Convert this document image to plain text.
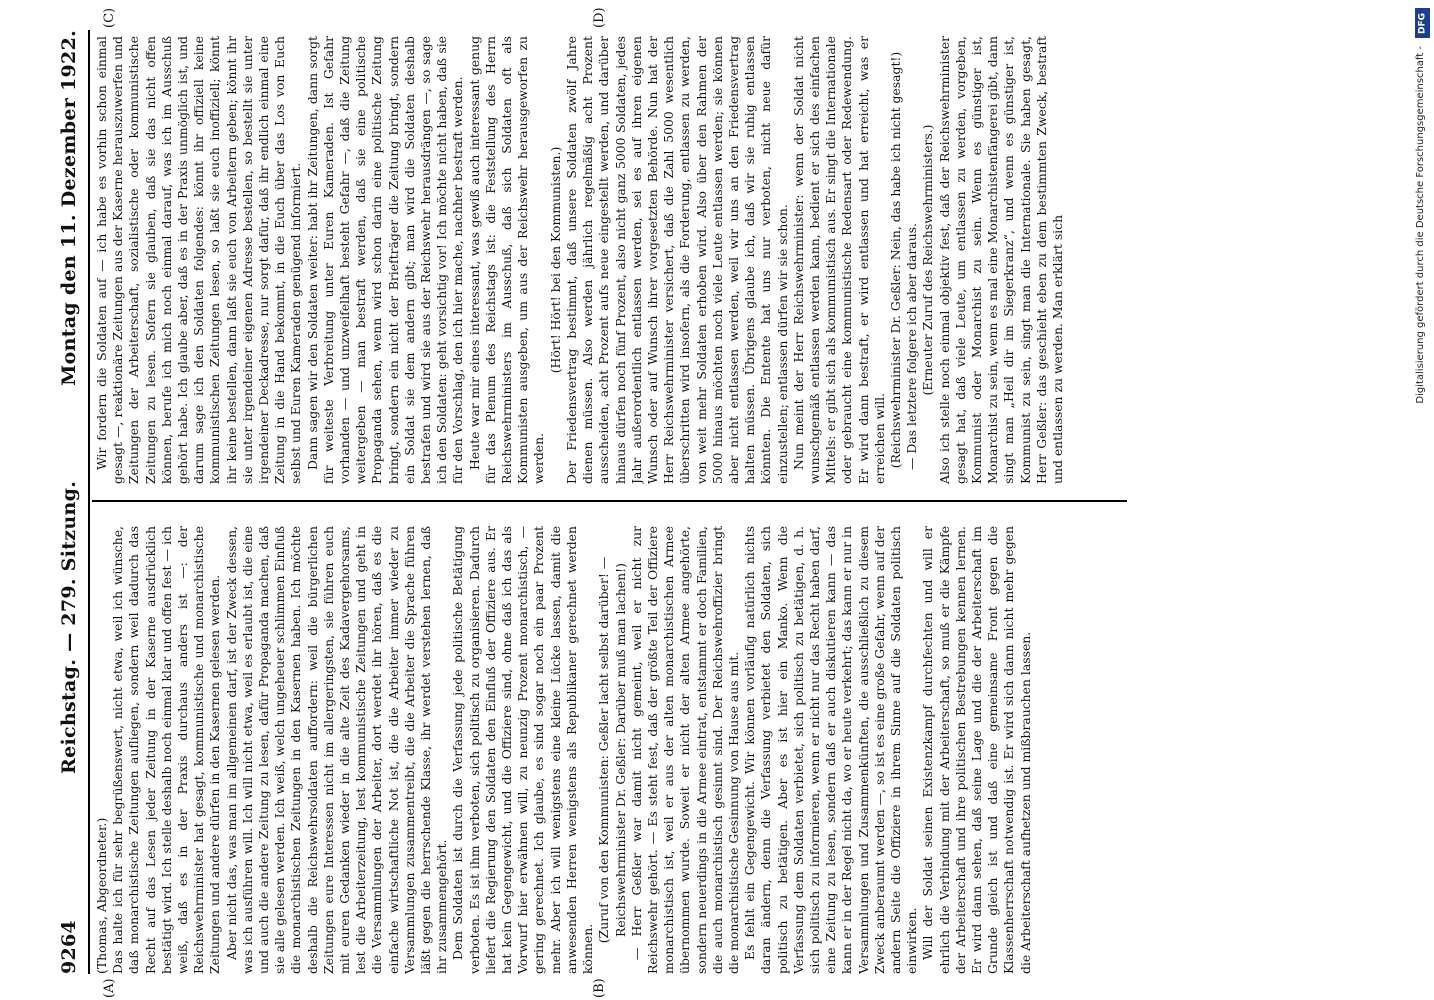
9264
Reichstag. — 279. Sitzung.
Montag den 11. Dezember 1922.

(Thomas, Abgeordneter.) Das halte ich für sehr begrüßenswert, nicht etwa, weil ich wünsche, daß monarchistische Zeitungen aufliegen, sondern weil dadurch das Recht auf das Lesen jeder Zeitung in der Kaserne ausdrücklich bestätigt wird. Ich stelle deshalb noch einmal klar und offen fest — ich weiß, daß es in der Praxis durchaus anders ist —: der Reichswehrminister hat gesagt, kommunistische und monarchistische Zeitungen und andere dürfen in den Kasernen gelesen werden. Aber nicht das, was man im allgemeinen darf, ist der Zweck dessen, was ich ausführen will. Ich will nicht etwa, weil es erlaubt ist, die eine und auch die andere Zeitung zu lesen, dafür Propaganda machen, daß sie alle gelesen werden. Ich weiß, welch ungeheuer schlimmen Einfluß die monarchistischen Zeitungen in den Kasernen haben. Ich möchte deshalb die Reichswehrsoldaten auffordern: weil die bürgerlichen Zeitungen eure Interessen nicht im allergeringsten, sie führen euch mit euren Gedanken wieder in die alte Zeit des Kadavergehorsams, lest die Arbeiterzeitung, lest kommunistische Zeitungen und geht in die Versammlungen der Arbeiter, dort werdet ihr hören, daß es die einfache wirtschaftliche Not ist, die die Arbeiter immer wieder zu Versammlungen zusammentreibt, die die Arbeiter die Sprache führen läßt gegen die herrschende Klasse, ihr werdet verstehen lernen, daß ihr zusammengehört. Dem Soldaten ist durch die Verfassung jede politische Betätigung verboten. Es ist ihm verboten, sich politisch zu organisieren. Dadurch liefert die Regierung den Soldaten den Einfluß der Offiziere aus. Er hat kein Gegengewicht, und die Offiziere sind, ohne daß ich das als Vorwurf hier erwähnen will, zu neunzig Prozent monarchistisch, — gering gerechnet. Ich glaube, es sind sogar noch ein paar Prozent mehr. Aber ich will wenigstens eine kleine Lücke lassen, damit die anwesenden Herren wenigstens als Republikaner gerechnet werden können.

(Zuruf von den Kommunisten: Geßler lacht selbst darüber! — Reichswehrminister Dr. Geßler: Darüber muß man lachen!) — Herr Geßler war damit nicht gemeint, weil er nicht zur Reichswehr gehört. — Es steht fest, daß der größte Teil der Offiziere monarchistisch ist, weil er aus der alten monarchistischen Armee übernommen wurde. Soweit er nicht der alten Armee angehörte, sondern neuerdings in die Armee eintrat, entstammt er doch Familien, die auch monarchistisch gesinnt sind. Der Reichswehroffizier bringt die monarchistische Gesinnung von Hause aus mit. Es fehlt ein Gegengewicht. Wir können vorläufig natürlich nichts daran ändern, denn die Verfassung verbietet den Soldaten, sich politisch zu betätigen. Aber es ist hier ein Manko. Wenn die Verfassung dem Soldaten verbietet, sich politisch zu betätigen, d. h. sich politisch zu informieren, wenn er nicht nur das Recht haben darf, eine Zeitung zu lesen, sondern daß er auch diskutieren kann — das kann er in der Regel nicht da, wo er heute verkehrt; das kann er nur in Versammlungen und Zusammenkünften, die ausschließlich zu diesem Zweck anberaumt werden —, so ist es eine große Gefahr, wenn auf der andern Seite die Offiziere in ihrem Sinne auf die Soldaten politisch einwirken. Will der Soldat seinen Existenzkampf durchfechten und will er ehrlich die Verbindung mit der Arbeiterschaft, so muß er die Kämpfe der Arbeiterschaft und ihre politischen Bestrebungen kennen lernen. Er wird dann sehen, daß seine Lage und die der Arbeiterschaft im Grunde gleich ist und daß eine gemeinsame Front gegen die Klassenherrschaft notwendig ist. Er wird sich dann nicht mehr gegen die Arbeiterschaft aufhetzen und mißbrauchen lassen.

Wir fordern die Soldaten auf — ich habe es vorhin schon einmal gesagt —, reaktionäre Zeitungen aus der Kaserne herauszuwerfen und Zeitungen der Arbeiterschaft, sozialistische oder kommunistische Zeitungen zu lesen. Sofern sie glauben, daß sie das nicht offen können, berufe ich mich noch einmal darauf, was ich im Ausschuß gehört habe. Ich glaube aber, daß es in der Praxis unmöglich ist, und darum sage ich den Soldaten folgendes: könnt ihr offiziell keine kommunistischen Zeitungen lesen, so laßt sie euch inoffiziell; könnt ihr keine bestellen, dann laßt sie euch von Arbeitern geben; könnt ihr sie unter irgendeiner eigenen Adresse bestellen, so bestellt sie unter irgendeiner Deckadresse, nur sorgt dafür, daß ihr endlich einmal eine Zeitung in die Hand bekommt, in die Euch über das Los von Euch selbst und Euren Kameraden genügend informiert. Dann sagen wir den Soldaten weiter: habt ihr Zeitungen, dann sorgt für weiteste Verbreitung unter Euren Kameraden. Ist Gefahr vorhanden — und unzweifelhaft besteht Gefahr —, daß die Zeitung weitergeben — man bestraft werden, daß sie eine politische Propaganda sehen, wenn wird schon darin eine politische Zeitung bringt, sondern ein nicht der Briefträger die Zeitung bringt, sondern ein Soldat sie dem andern gibt; man wird die Soldaten deshalb bestrafen und wird sie aus der Reichswehr herausdrängen —, so sage ich den Soldaten: geht vorsichtig vor! Ich möchte nicht haben, daß sie für den Vorschlag, den ich hier mache, nachher bestraft werden. Heute war mir eines interessant, was gewiß auch interessant genug für das Plenum des Reichstags ist: die Feststellung des Herrn Reichswehrministers im Ausschuß, daß sich Soldaten oft als Kommunisten ausgeben, um aus der Reichswehr herausgeworfen zu werden.

(Hört! Hört! bei den Kommunisten.) Der Friedensvertrag bestimmt, daß unsere Soldaten zwölf Jahre dienen müssen. Also werden jährlich regelmäßig acht Prozent ausscheiden, acht Prozent aufs neue eingestellt werden, und darüber hinaus dürfen noch fünf Prozent, also nicht ganz 5000 Soldaten, jedes Jahr außerordentlich entlassen werden, sei es auf ihren eigenen Wunsch oder auf Wunsch ihrer vorgesetzten Behörde. Nun hat der Herr Reichswehrminister versichert, daß die Zahl 5000 wesentlich überschritten wird insofern, als die Forderung, entlassen zu werden, von weit mehr Soldaten erhoben wird. Also über den Rahmen der 5000 hinaus möchten noch viele Leute entlassen werden; sie können aber nicht entlassen werden, weil wir uns an den Friedensvertrag halten müssen. Übrigens glaube ich, daß wir sie ruhig entlassen könnten. Die Entente hat uns nur verboten, nicht neue dafür einzustellen; entlassen dürfen wir sie schon. Nun meint der Herr Reichswehrminister: wenn der Soldat nicht wunschgemäß entlassen werden kann, bedient er sich des einfachen Mittels: er gibt sich als kommunistisch aus. Er singt die Internationale oder gebraucht eine kommunistische Redensart oder Redewendung. Er wird dann bestraft, er wird entlassen und hat erreicht, was er erreichen will. (Reichswehrminister Dr. Geßler: Nein, das habe ich nicht gesagt!) — Das letztere folgere ich aber daraus. (Erneuter Zuruf des Reichswehrministers.) Also ich stelle noch einmal objektiv fest, daß der Reichswehrminister gesagt hat, daß viele Leute, um entlassen zu werden, vorgeben, Kommunist oder Monarchist zu sein. Wenn es günstiger ist, Monarchist zu sein, wenn es mal eine Monarchistenfängerei gibt, dann singt man „Heil dir im Siegerkranz“, und wenn es günstiger ist, Kommunist zu sein, singt man die Internationale. Sie haben gesagt, Herr Geßler: das geschieht eben zu dem bestimmten Zweck, bestraft und entlassen zu werden. Man erklärt sich

(A)	(B)
(C)	(D)	DFG
Digitalisierung gefördert durch die Deutsche Forschungsgemeinschaft -
